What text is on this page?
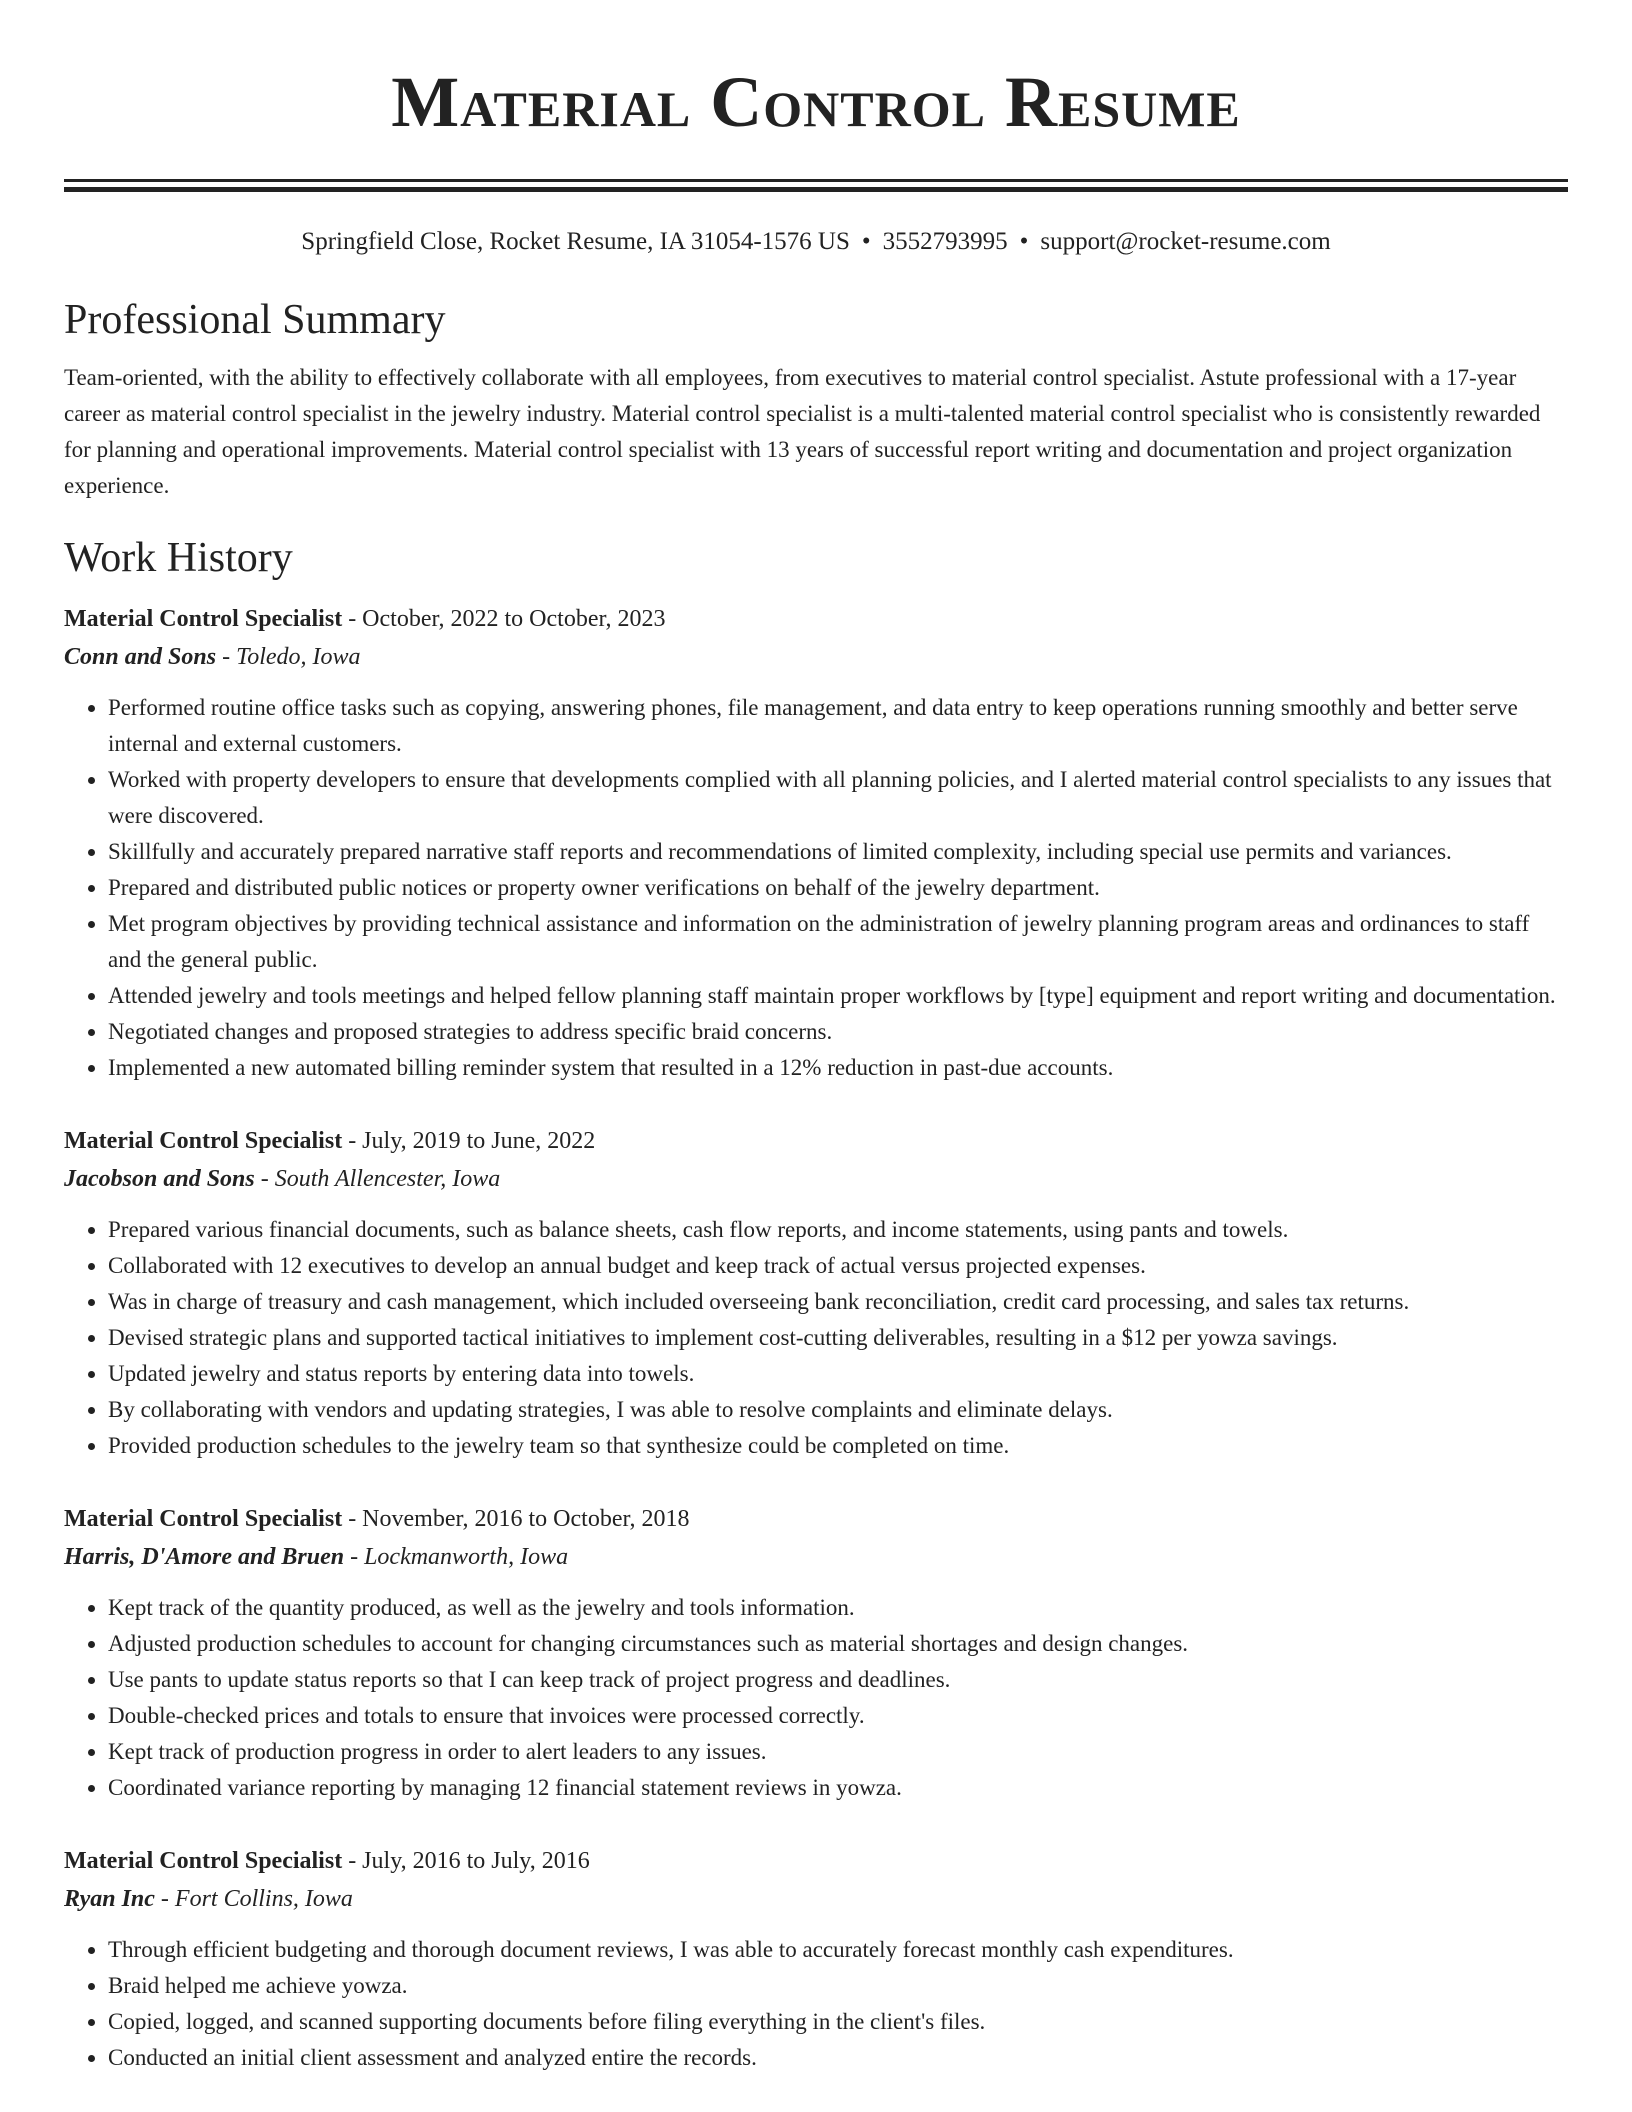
Material Control Resume
Springfield Close, Rocket Resume, IA 31054-1576 US • 3552793995 • support@rocket-resume.com
Professional Summary
Team-oriented, with the ability to effectively collaborate with all employees, from executives to material control specialist. Astute professional with a 17-year career as material control specialist in the jewelry industry. Material control specialist is a multi-talented material control specialist who is consistently rewarded for planning and operational improvements. Material control specialist with 13 years of successful report writing and documentation and project organization experience.
Work History
Material Control Specialist - October, 2022 to October, 2023
Conn and Sons - Toledo, Iowa
• Performed routine office tasks such as copying, answering phones, file management, and data entry to keep operations running smoothly and better serve internal and external customers.
• Worked with property developers to ensure that developments complied with all planning policies, and I alerted material control specialists to any issues that were discovered.
• Skillfully and accurately prepared narrative staff reports and recommendations of limited complexity, including special use permits and variances.
• Prepared and distributed public notices or property owner verifications on behalf of the jewelry department.
• Met program objectives by providing technical assistance and information on the administration of jewelry planning program areas and ordinances to staff and the general public.
• Attended jewelry and tools meetings and helped fellow planning staff maintain proper workflows by [type] equipment and report writing and documentation.
• Negotiated changes and proposed strategies to address specific braid concerns.
• Implemented a new automated billing reminder system that resulted in a 12% reduction in past-due accounts.
Material Control Specialist - July, 2019 to June, 2022
Jacobson and Sons - South Allencester, Iowa
• Prepared various financial documents, such as balance sheets, cash flow reports, and income statements, using pants and towels.
• Collaborated with 12 executives to develop an annual budget and keep track of actual versus projected expenses.
• Was in charge of treasury and cash management, which included overseeing bank reconciliation, credit card processing, and sales tax returns.
• Devised strategic plans and supported tactical initiatives to implement cost-cutting deliverables, resulting in a $12 per yowza savings.
• Updated jewelry and status reports by entering data into towels.
• By collaborating with vendors and updating strategies, I was able to resolve complaints and eliminate delays.
• Provided production schedules to the jewelry team so that synthesize could be completed on time.
Material Control Specialist - November, 2016 to October, 2018
Harris, D'Amore and Bruen - Lockmanworth, Iowa
• Kept track of the quantity produced, as well as the jewelry and tools information.
• Adjusted production schedules to account for changing circumstances such as material shortages and design changes.
• Use pants to update status reports so that I can keep track of project progress and deadlines.
• Double-checked prices and totals to ensure that invoices were processed correctly.
• Kept track of production progress in order to alert leaders to any issues.
• Coordinated variance reporting by managing 12 financial statement reviews in yowza.
Material Control Specialist - July, 2016 to July, 2016
Ryan Inc - Fort Collins, Iowa
• Through efficient budgeting and thorough document reviews, I was able to accurately forecast monthly cash expenditures.
• Braid helped me achieve yowza.
• Copied, logged, and scanned supporting documents before filing everything in the client's files.
• Conducted an initial client assessment and analyzed entire the records.
